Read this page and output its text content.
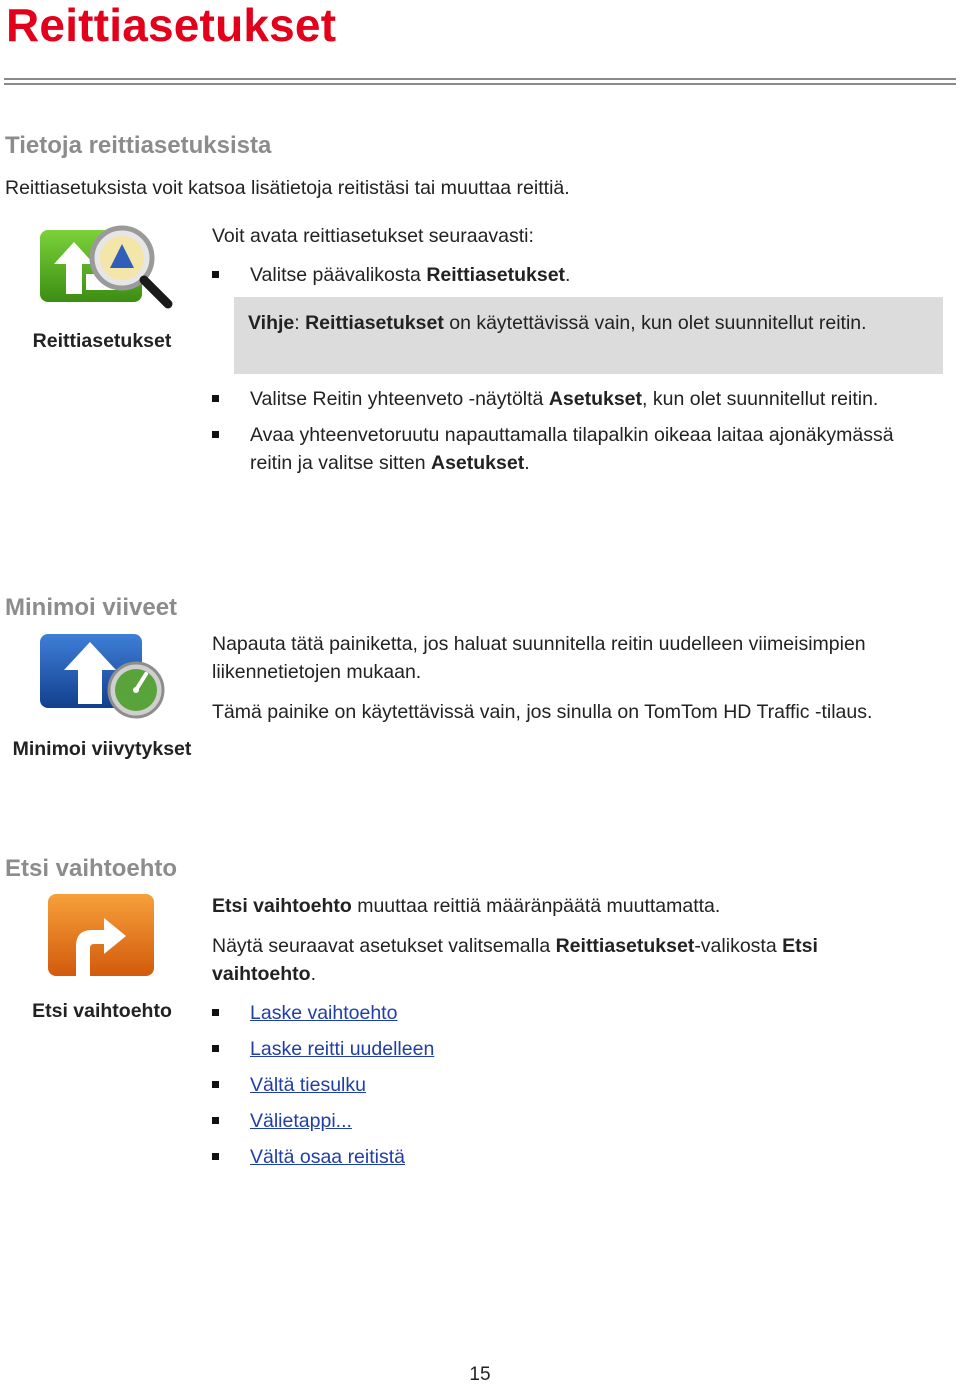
Reittiasetukset
Tietoja reittiasetuksista

Reittiasetuksista voit katsoa lisätietoja reitistäsi tai muuttaa reittiä.

Reittiasetukset

Voit avata reittiasetukset seuraavasti:

Valitse päävalikosta Reittiasetukset.

Vihje: Reittiasetukset on käytettävissä vain, kun olet suunnitellut reitin.

Valitse Reitin yhteenveto -näytöltä Asetukset, kun olet suunnitellut reitin.
Avaa yhteenvetoruutu napauttamalla tilapalkin oikeaa laitaa ajonäkymässä reitin ja valitse sitten Asetukset.
Minimoi viiveet

Minimoi viivytykset

Napauta tätä painiketta, jos haluat suunnitella reitin uudelleen viimeisimpien liikennetietojen mukaan.

Tämä painike on käytettävissä vain, jos sinulla on TomTom HD Traffic -tilaus.

Etsi vaihtoehto

Etsi vaihtoehto

Etsi vaihtoehto muuttaa reittiä määränpäätä muuttamatta.

Näytä seuraavat asetukset valitsemalla Reittiasetukset-valikosta Etsi vaihtoehto.

Laske vaihtoehto
Laske reitti uudelleen
Vältä tiesulku
Välietappi...
Vältä osaa reitistä
15
